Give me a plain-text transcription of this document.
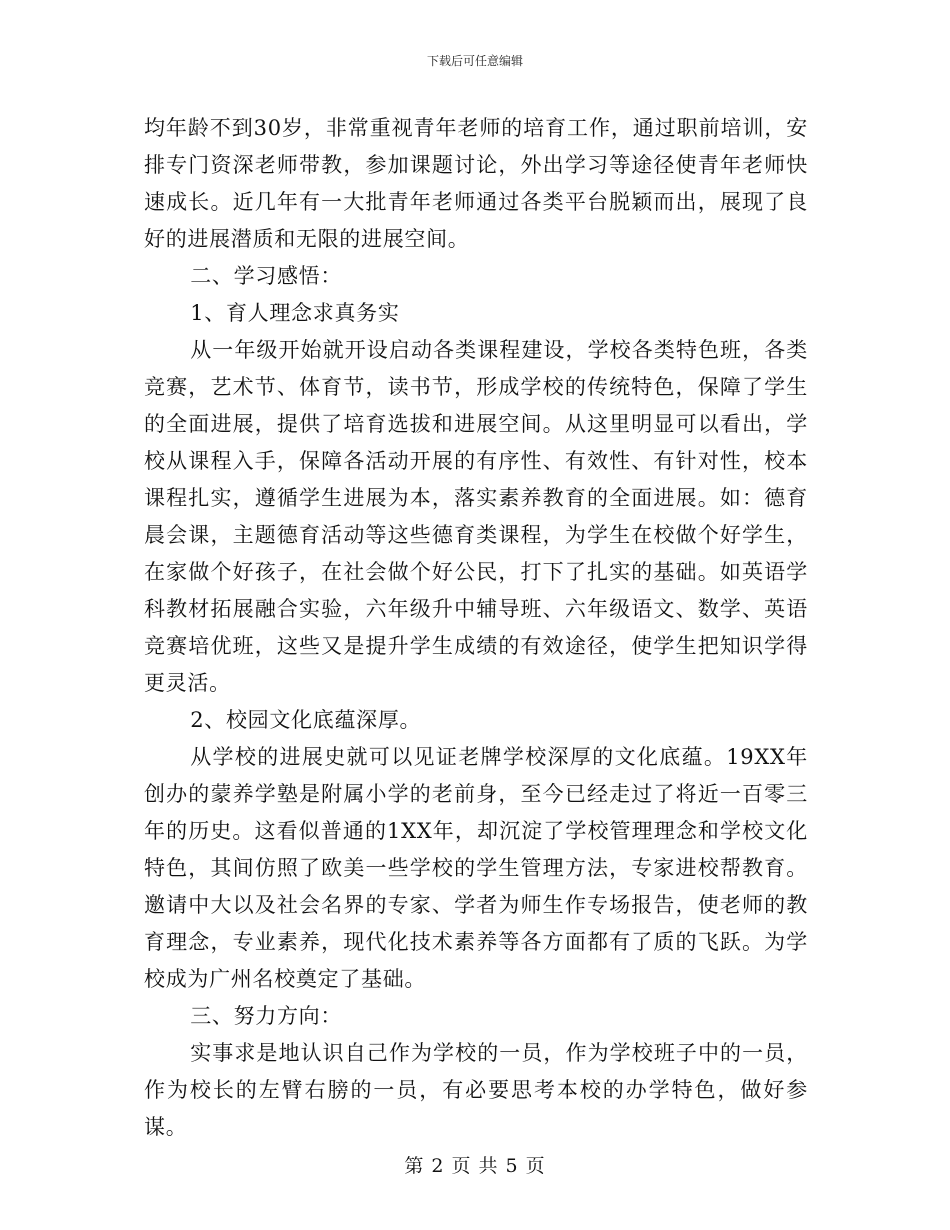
下载后可任意编辑

均年龄不到30岁，非常重视青年老师的培育工作，通过职前培训，安排专门资深老师带教，参加课题讨论，外出学习等途径使青年老师快速成长。近几年有一大批青年老师通过各类平台脱颖而出，展现了良好的进展潜质和无限的进展空间。

二、学习感悟：

1、育人理念求真务实

从一年级开始就开设启动各类课程建设，学校各类特色班，各类竞赛，艺术节、体育节，读书节，形成学校的传统特色，保障了学生的全面进展，提供了培育选拔和进展空间。从这里明显可以看出，学校从课程入手，保障各活动开展的有序性、有效性、有针对性，校本课程扎实，遵循学生进展为本，落实素养教育的全面进展。如：德育晨会课，主题德育活动等这些德育类课程，为学生在校做个好学生，在家做个好孩子，在社会做个好公民，打下了扎实的基础。如英语学科教材拓展融合实验，六年级升中辅导班、六年级语文、数学、英语竞赛培优班，这些又是提升学生成绩的有效途径，使学生把知识学得更灵活。

2、校园文化底蕴深厚。

从学校的进展史就可以见证老牌学校深厚的文化底蕴。19XX年创办的蒙养学塾是附属小学的老前身，至今已经走过了将近一百零三年的历史。这看似普通的1XX年，却沉淀了学校管理理念和学校文化特色，其间仿照了欧美一些学校的学生管理方法，专家进校帮教育。邀请中大以及社会名界的专家、学者为师生作专场报告，使老师的教育理念，专业素养，现代化技术素养等各方面都有了质的飞跃。为学校成为广州名校奠定了基础。

三、努力方向：

实事求是地认识自己作为学校的一员，作为学校班子中的一员，作为校长的左臂右膀的一员，有必要思考本校的办学特色，做好参谋。

第 2 页 共 5 页
